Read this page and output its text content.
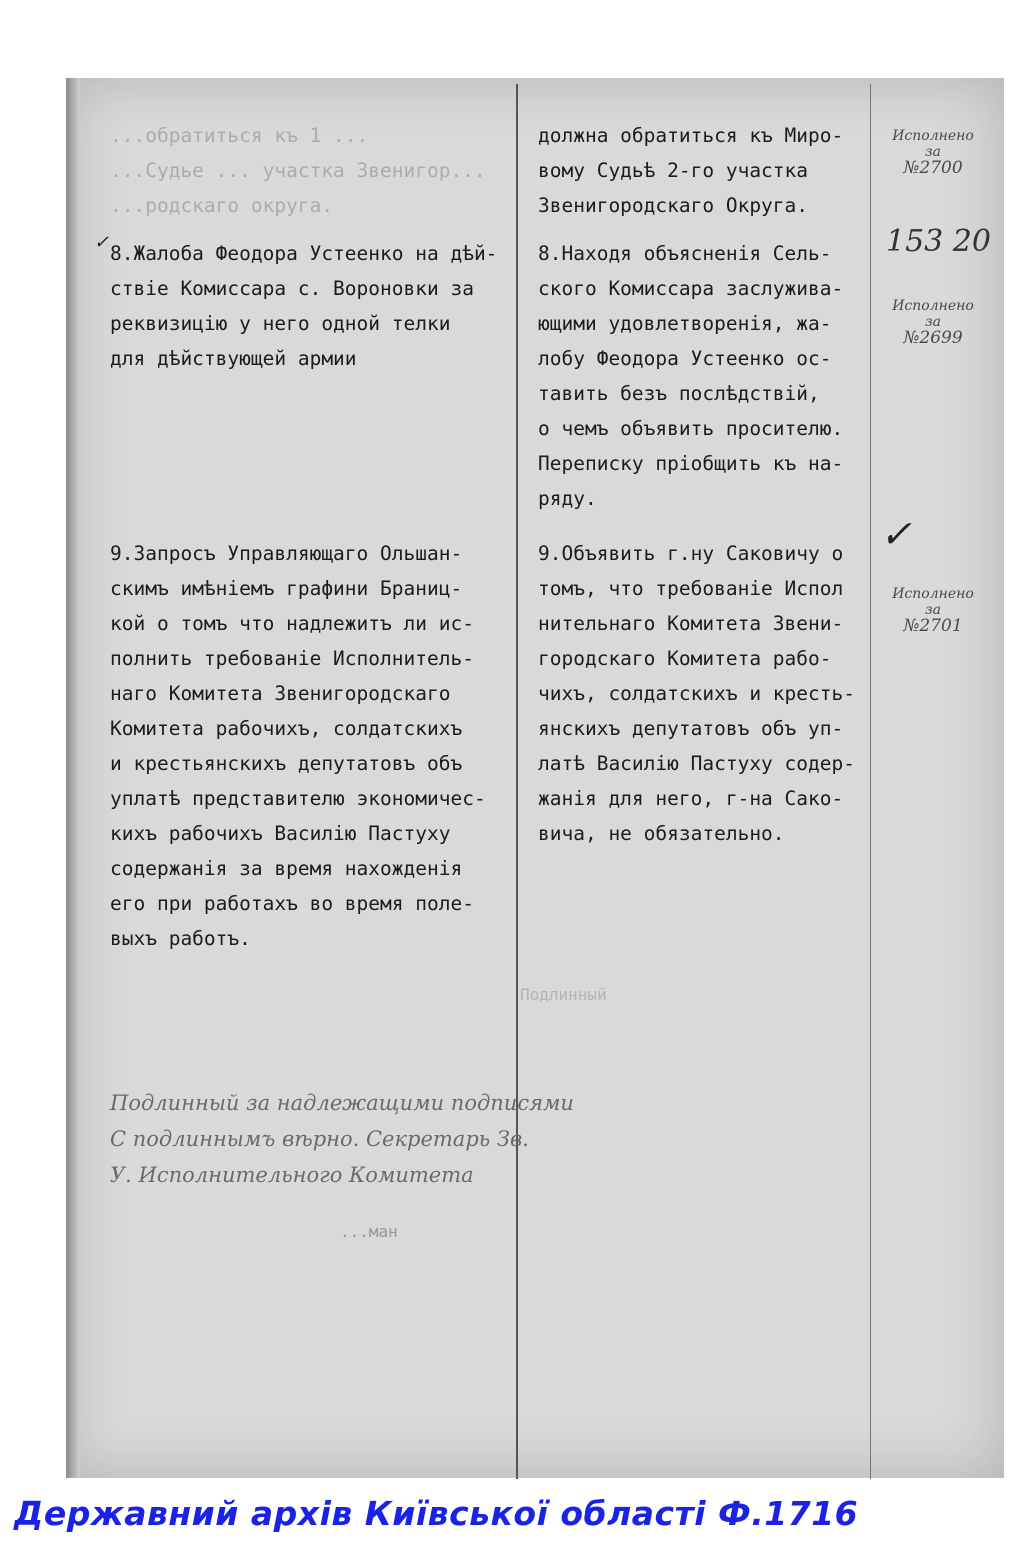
...обратиться къ 1 ...
...Судье ... участка Звенигор...
...родскаго округа.
должна обратиться къ Миро-
вому Судьѣ 2-го участка
Звенигородскаго Округа.
✓ 8.Жалоба Феодора Устеенко на дѣй-
ствіе Комиссара с. Вороновки за
реквизицію у него одной телки
для дѣйствующей армии
8.Находя объясненія Сель-
ского Комиссара заслужива-
ющими удовлетворенія, жа-
лобу Феодора Устеенко ос-
тавить безъ послѣдствій,
о чемъ объявить просителю.
Переписку пріобщить къ на-
ряду.
9.Запросъ Управляющаго Ольшан-
скимъ имѣніемъ графини Браниц-
кой о томъ что надлежитъ ли ис-
полнить требованіе Исполнитель-
наго Комитета Звенигородскаго
Комитета рабочихъ, солдатскихъ
и крестьянскихъ депутатовъ объ
уплатѣ представителю экономичес-
кихъ рабочихъ Василію Пастуху
содержанія за время нахожденія
его при работахъ во время поле-
выхъ работъ.
9.Объявить г.ну Саковичу о
томъ, что требованіе Испол
нительнаго Комитета Звени-
городскаго Комитета рабо-
чихъ, солдатскихъ и кресть-
янскихъ депутатовъ объ уп-
латѣ Василію Пастуху содер-
жанія для него, г-на Сако-
вича, не обязательно.
✓
Исполнено
за
№2700
153 20
Исполнено
за
№2699
Исполнено
за
№2701
Подлинный
Подлинный за надлежащими подписями
С подлиннымъ вѣрно. Секретарь Зв.
У. Исполнительного Комитета
...ман
Державний архів Київської області Ф.1716
